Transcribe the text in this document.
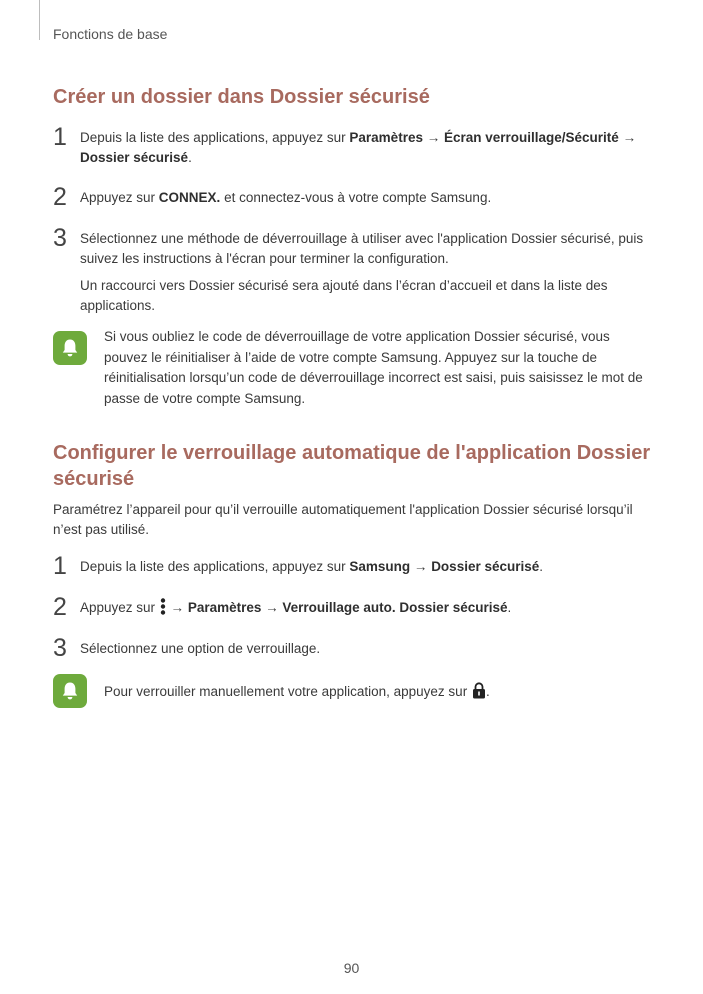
Fonctions de base
Créer un dossier dans Dossier sécurisé
1 Depuis la liste des applications, appuyez sur Paramètres → Écran verrouillage/Sécurité → Dossier sécurisé.
2 Appuyez sur CONNEX. et connectez-vous à votre compte Samsung.
3 Sélectionnez une méthode de déverrouillage à utiliser avec l'application Dossier sécurisé, puis suivez les instructions à l'écran pour terminer la configuration.
Un raccourci vers Dossier sécurisé sera ajouté dans l’écran d’accueil et dans la liste des applications.
Si vous oubliez le code de déverrouillage de votre application Dossier sécurisé, vous pouvez le réinitialiser à l’aide de votre compte Samsung. Appuyez sur la touche de réinitialisation lorsqu’un code de déverrouillage incorrect est saisi, puis saisissez le mot de passe de votre compte Samsung.
Configurer le verrouillage automatique de l'application Dossier sécurisé
Paramétrez l’appareil pour qu’il verrouille automatiquement l'application Dossier sécurisé lorsqu’il n’est pas utilisé.
1 Depuis la liste des applications, appuyez sur Samsung → Dossier sécurisé.
2 Appuyez sur  → Paramètres → Verrouillage auto. Dossier sécurisé.
3 Sélectionnez une option de verrouillage.
Pour verrouiller manuellement votre application, appuyez sur .
90
